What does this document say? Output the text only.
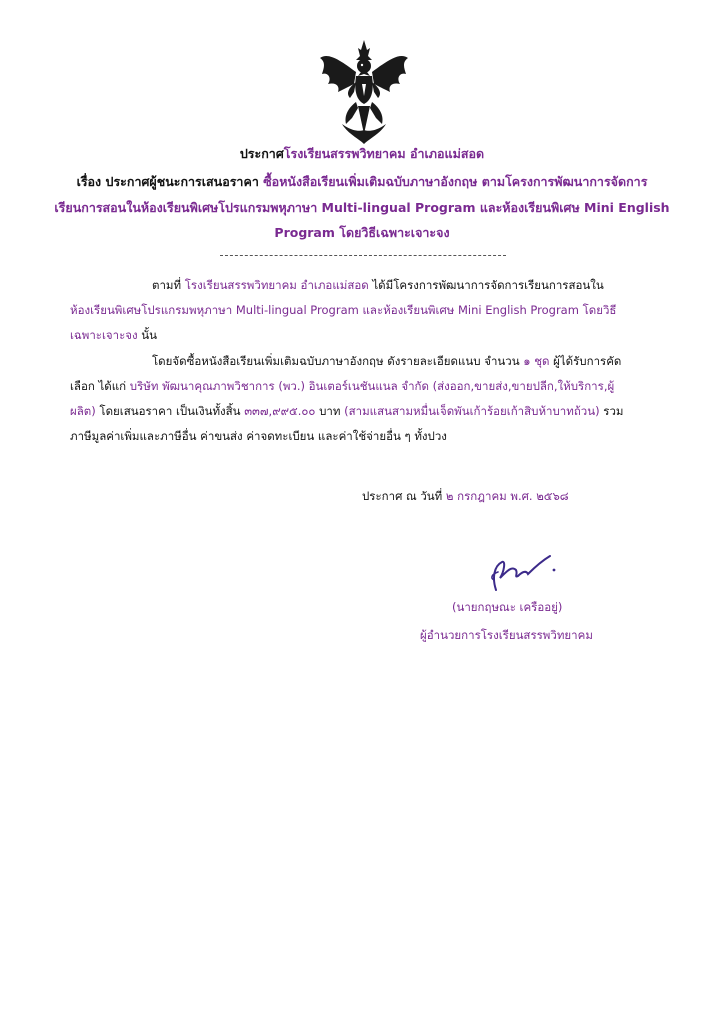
ประกาศโรงเรียนสรรพวิทยาคม อำเภอแม่สอด
เรื่อง ประกาศผู้ชนะการเสนอราคา ซื้อหนังสือเรียนเพิ่มเติมฉบับภาษาอังกฤษ ตามโครงการพัฒนาการจัดการ
เรียนการสอนในห้องเรียนพิเศษโปรแกรมพหุภาษา Multi-lingual Program และห้องเรียนพิเศษ Mini English
Program โดยวิธีเฉพาะเจาะจง
ตามที่ โรงเรียนสรรพวิทยาคม อำเภอแม่สอด ได้มีโครงการพัฒนาการจัดการเรียนการสอนใน
ห้องเรียนพิเศษโปรแกรมพหุภาษา Multi-lingual Program และห้องเรียนพิเศษ Mini English Program โดยวิธี
เฉพาะเจาะจง นั้น
โดยจัดซื้อหนังสือเรียนเพิ่มเติมฉบับภาษาอังกฤษ ดังรายละเอียดแนบ จำนวน ๑ ชุด ผู้ได้รับการคัด
เลือก ได้แก่ บริษัท พัฒนาคุณภาพวิชาการ (พว.) อินเตอร์เนชันแนล จำกัด (ส่งออก,ขายส่ง,ขายปลีก,ให้บริการ,ผู้
ผลิต) โดยเสนอราคา เป็นเงินทั้งสิ้น ๓๓๗,๙๙๕.๐๐ บาท (สามแสนสามหมื่นเจ็ดพันเก้าร้อยเก้าสิบห้าบาทถ้วน) รวม
ภาษีมูลค่าเพิ่มและภาษีอื่น ค่าขนส่ง ค่าจดทะเบียน และค่าใช้จ่ายอื่น ๆ ทั้งปวง
ประกาศ ณ วันที่ ๒ กรกฎาคม พ.ศ. ๒๕๖๘
(นายกฤษณะ เครืออยู่)
ผู้อำนวยการโรงเรียนสรรพวิทยาคม
